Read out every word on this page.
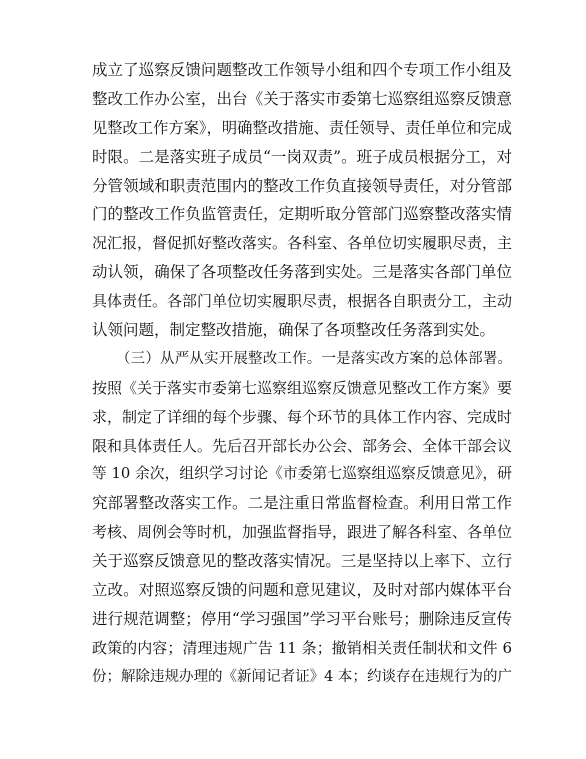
成立了巡察反馈问题整改工作领导小组和四个专项工作小组及
整改工作办公室，出台《关于落实市委第七巡察组巡察反馈意
见整改工作方案》，明确整改措施、责任领导、责任单位和完成
时限。二是落实班子成员“一岗双责”。班子成员根据分工，对
分管领域和职责范围内的整改工作负直接领导责任，对分管部
门的整改工作负监管责任，定期听取分管部门巡察整改落实情
况汇报，督促抓好整改落实。各科室、各单位切实履职尽责，主
动认领，确保了各项整改任务落到实处。三是落实各部门单位
具体责任。各部门单位切实履职尽责，根据各自职责分工，主动
认领问题，制定整改措施，确保了各项整改任务落到实处。
（三）从严从实开展整改工作。一是落实改方案的总体部署。
按照《关于落实市委第七巡察组巡察反馈意见整改工作方案》要
求，制定了详细的每个步骤、每个环节的具体工作内容、完成时
限和具体责任人。先后召开部长办公会、部务会、全体干部会议
等 10 余次，组织学习讨论《市委第七巡察组巡察反馈意见》，研
究部署整改落实工作。二是注重日常监督检查。利用日常工作
考核、周例会等时机，加强监督指导，跟进了解各科室、各单位
关于巡察反馈意见的整改落实情况。三是坚持以上率下、立行
立改。对照巡察反馈的问题和意见建议，及时对部内媒体平台
进行规范调整；停用“学习强国”学习平台账号；删除违反宣传
政策的内容；清理违规广告 11 条；撤销相关责任制状和文件 6
份；解除违规办理的《新闻记者证》4 本；约谈存在违规行为的广
